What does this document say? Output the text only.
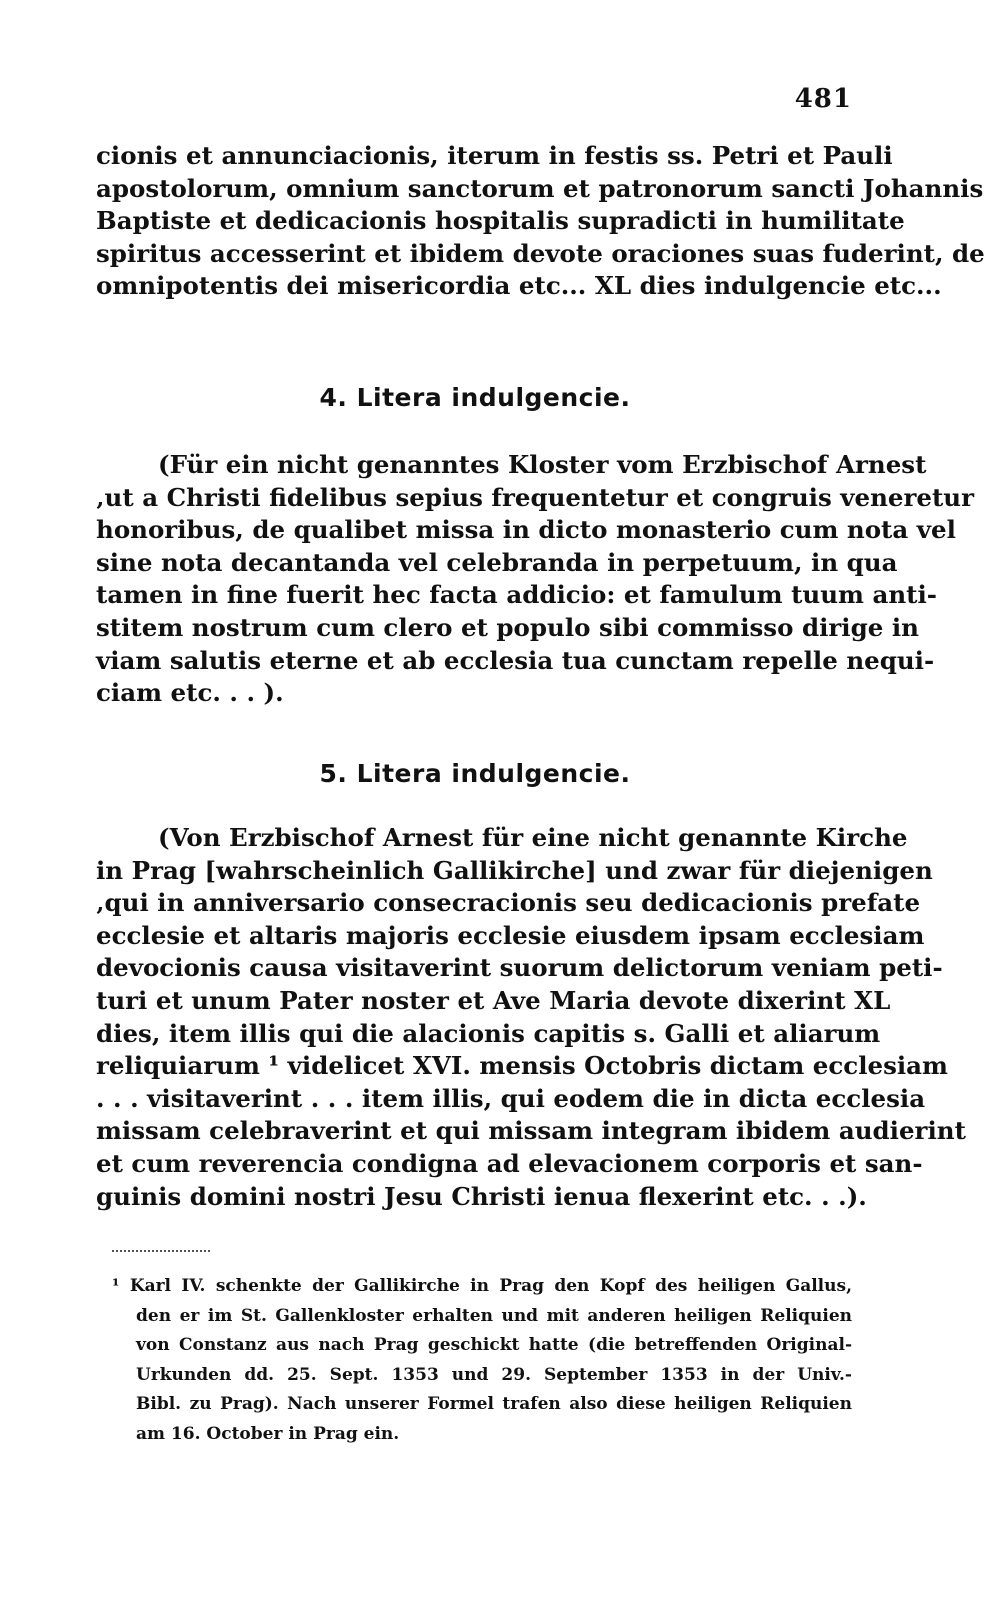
481
cionis et annunciacionis, iterum in festis ss. Petri et Pauli
apostolorum, omnium sanctorum et patronorum sancti Johannis
Baptiste et dedicacionis hospitalis supradicti in humilitate
spiritus accesserint et ibidem devote oraciones suas fuderint, de
omnipotentis dei misericordia etc... XL dies indulgencie etc...
4. Litera indulgencie.
(Für ein nicht genanntes Kloster vom Erzbischof Arnest
‚ut a Christi fidelibus sepius frequentetur et congruis veneretur
honoribus, de qualibet missa in dicto monasterio cum nota vel
sine nota decantanda vel celebranda in perpetuum, in qua
tamen in fine fuerit hec facta addicio: et famulum tuum anti-
stitem nostrum cum clero et populo sibi commisso dirige in
viam salutis eterne et ab ecclesia tua cunctam repelle nequi-
ciam etc. . . ).
5. Litera indulgencie.
(Von Erzbischof Arnest für eine nicht genannte Kirche
in Prag [wahrscheinlich Gallikirche] und zwar für diejenigen
‚qui in anniversario consecracionis seu dedicacionis prefate
ecclesie et altaris majoris ecclesie eiusdem ipsam ecclesiam
devocionis causa visitaverint suorum delictorum veniam peti-
turi et unum Pater noster et Ave Maria devote dixerint XL
dies, item illis qui die alacionis capitis s. Galli et aliarum
reliquiarum ¹ videlicet XVI. mensis Octobris dictam ecclesiam
. . . visitaverint . . . item illis, qui eodem die in dicta ecclesia
missam celebraverint et qui missam integram ibidem audierint
et cum reverencia condigna ad elevacionem corporis et san-
guinis domini nostri Jesu Christi ienua flexerint etc. . .).
¹ Karl IV. schenkte der Gallikirche in Prag den Kopf des heiligen Gallus,
den er im St. Gallenkloster erhalten und mit anderen heiligen Reliquien
von Constanz aus nach Prag geschickt hatte (die betreffenden Original-
Urkunden dd. 25. Sept. 1353 und 29. September 1353 in der Univ.-
Bibl. zu Prag). Nach unserer Formel trafen also diese heiligen Reliquien
am 16. October in Prag ein.
